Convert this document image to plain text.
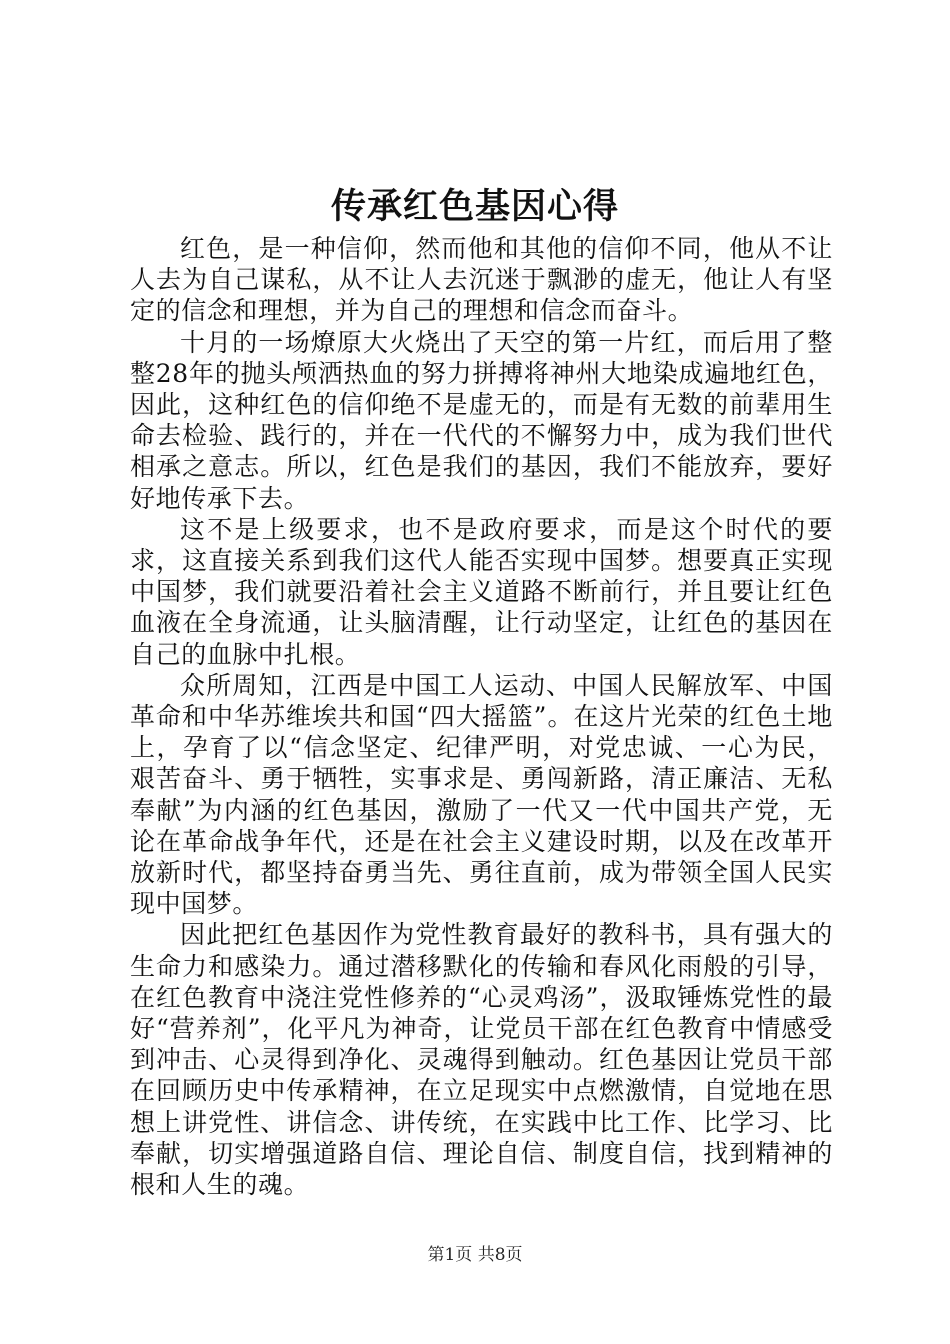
传承红色基因心得

红色，是一种信仰，然而他和其他的信仰不同，他从不让人去为自己谋私，从不让人去沉迷于飘渺的虚无，他让人有坚定的信念和理想，并为自己的理想和信念而奋斗。

十月的一场燎原大火烧出了天空的第一片红，而后用了整整28年的抛头颅洒热血的努力拼搏将神州大地染成遍地红色，因此，这种红色的信仰绝不是虚无的，而是有无数的前辈用生命去检验、践行的，并在一代代的不懈努力中，成为我们世代相承之意志。所以，红色是我们的基因，我们不能放弃，要好好地传承下去。

这不是上级要求，也不是政府要求，而是这个时代的要求，这直接关系到我们这代人能否实现中国梦。想要真正实现中国梦，我们就要沿着社会主义道路不断前行，并且要让红色血液在全身流通，让头脑清醒，让行动坚定，让红色的基因在自己的血脉中扎根。

众所周知，江西是中国工人运动、中国人民解放军、中国革命和中华苏维埃共和国“四大摇篮”。在这片光荣的红色土地上，孕育了以“信念坚定、纪律严明，对党忠诚、一心为民，艰苦奋斗、勇于牺牲，实事求是、勇闯新路，清正廉洁、无私奉献”为内涵的红色基因，激励了一代又一代中国共产党，无论在革命战争年代，还是在社会主义建设时期，以及在改革开放新时代，都坚持奋勇当先、勇往直前，成为带领全国人民实现中国梦。

因此把红色基因作为党性教育最好的教科书，具有强大的生命力和感染力。通过潜移默化的传输和春风化雨般的引导，在红色教育中浇注党性修养的“心灵鸡汤”，汲取锤炼党性的最好“营养剂”，化平凡为神奇，让党员干部在红色教育中情感受到冲击、心灵得到净化、灵魂得到触动。红色基因让党员干部在回顾历史中传承精神，在立足现实中点燃激情，自觉地在思想上讲党性、讲信念、讲传统，在实践中比工作、比学习、比奉献，切实增强道路自信、理论自信、制度自信，找到精神的根和人生的魂。

第1页 共8页
